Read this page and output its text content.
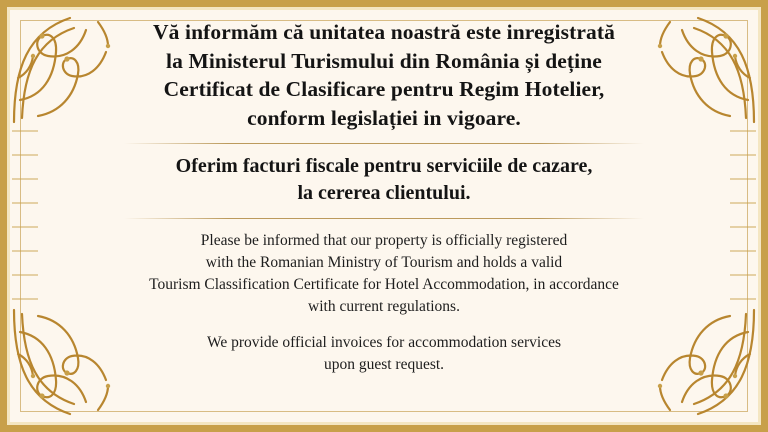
Vă informăm că unitatea noastră este inregistrată
la Ministerul Turismului din România și deține
Certificat de Clasificare pentru Regim Hotelier,
conform legislației in vigoare.
Oferim facturi fiscale pentru serviciile de cazare,
la cererea clientului.
Please be informed that our property is officially registered
with the Romanian Ministry of Tourism and holds a valid
Tourism Classification Certificate for Hotel Accommodation, in accordance
with current regulations.
We provide official invoices for accommodation services
upon guest request.
